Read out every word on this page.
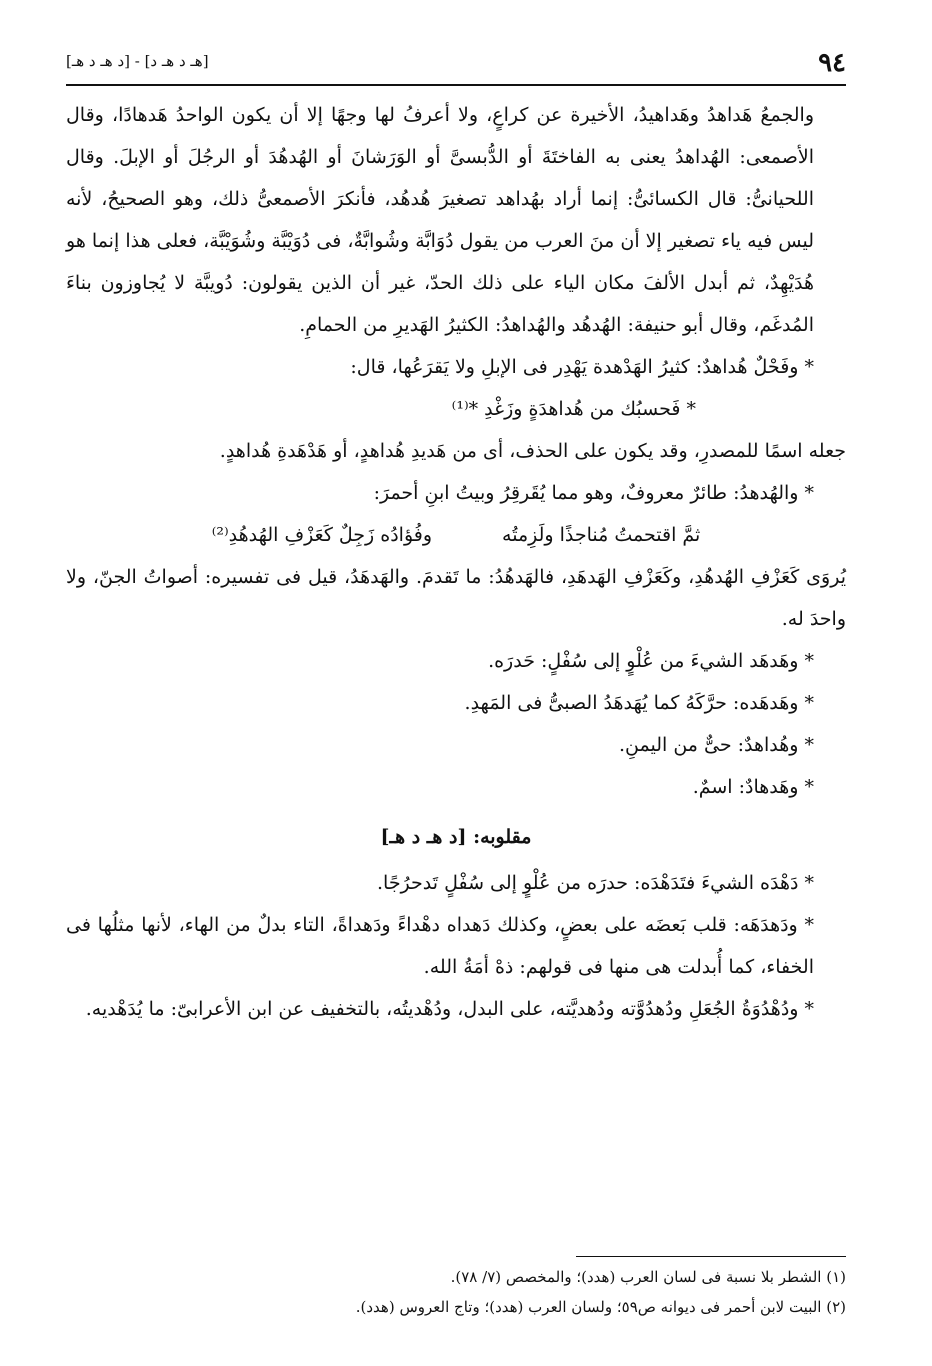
٩٤
[هـ د هـ د] - [د هـ د هـ]

والجمعُ هَداهدُ وهَداهيدُ، الأخيرة عن كراعٍ، ولا أعرفُ لها وجهًا إلا أن يكون الواحدُ هَدهادًا، وقال الأصمعى: الهُداهدُ يعنى به الفاختَةَ أو الدُّبسىَّ أو الوَرَشانَ أو الهُدهُدَ أو الرجُلَ أو الإبلَ. وقال اللحيانىُّ: قال الكسائىُّ: إنما أراد بهُداهد تصغيرَ هُدهُد، فأنكرَ الأصمعىُّ ذلك، وهو الصحيحُ، لأنه ليس فيه ياء تصغير إلا أن منَ العرب من يقول دُوَابَّة وشُوابَّةٌ، فى دُوَيْبَّة وشُوَيْبَّة، فعلى هذا إنما هو هُدَيْهِدٌ، ثم أبدل الألفَ مكان الياء على ذلك الحدّ، غير أن الذين يقولون: دُويبَّة لا يُجاوزون بناءَ المُدغَم، وقال أبو حنيفة: الهُدهُد والهُداهدُ: الكثيرُ الهَديرِ من الحمامِ.

* وفَحْلٌ هُداهدٌ: كثيرُ الهَدْهدة يَهْدِر فى الإبلِ ولا يَقرَعُها، قال:

* فَحسبُك من هُداهدَةٍ وزَغْدِ *⁽¹⁾

جعله اسمًا للمصدرِ، وقد يكون على الحذف، أى من هَديدِ هُداهدٍ، أو هَدْهَدةِ هُداهدٍ.

* والهُدهدُ: طائرٌ معروفٌ، وهو مما يُقَرقِرُ وبيتُ ابنِ أحمرَ:

ثمَّ اقتحمتُ مُناجذًا ولَزِمتُه
وفُؤادُه زَجِلٌ كَعَزْفِ الهُدهُدِ⁽²⁾

يُروَى كَعَزْفِ الهُدهُدِ، وكَعَزْفِ الهَدهَدِ، فالهَدهُدُ: ما تَقدمَ. والهَدهَدُ، قيل فى تفسيره: أصواتُ الجنّ، ولا واحدَ له.

* وهَدهَد الشيءَ من عُلْوٍ إلى سُفْلٍ: حَدرَه.

* وهَدهَده: حرَّكَهُ كما يُهَدهَدُ الصبىُّ فى المَهدِ.

* وهُداهدٌ: حىٌّ من اليمنِ.

* وهَدهادٌ: اسمٌ.

مقلوبه: [د هـ د هـ]

* دَهْدَه الشيءَ فتَدَهْدَه: حدرَه من عُلْوٍ إلى سُفْلٍ تَدحرُجًا.

* ودَهدَهَه: قلب بَعضَه على بعضٍ، وكذلك دَهداه دهْداءً ودَهداةً، التاء بدلٌ من الهاء، لأنها مثلُها فى الخفاء، كما أُبدلت هى منها فى قولهم: ذهْ أمَةُ الله.

* ودُهْدُوَةُ الجُعَلِ ودُهدُوَّته ودُهديَّته، على البدل، ودُهْديتُه، بالتخفيف عن ابن الأعرابىّ: ما يُدَهْديه.

(١) الشطر بلا نسبة فى لسان العرب (هدد)؛ والمخصص (٧/ ٧٨).

(٢) البيت لابن أحمر فى ديوانه ص٥٩؛ ولسان العرب (هدد)؛ وتاج العروس (هدد).
